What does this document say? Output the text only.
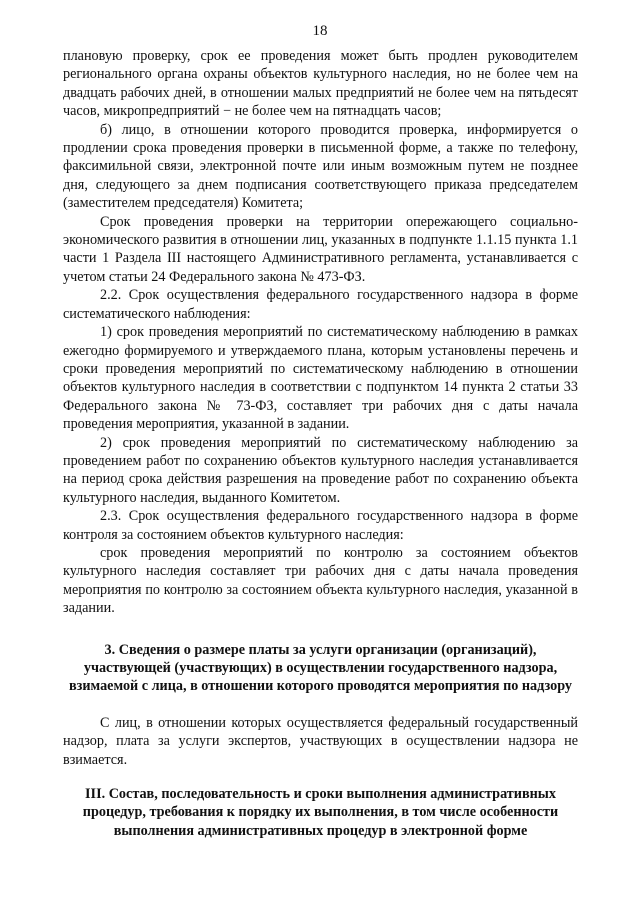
18

плановую проверку, срок ее проведения может быть продлен руководителем регионального органа охраны объектов культурного наследия, но не более чем на двадцать рабочих дней, в отношении малых предприятий не более чем на пятьдесят часов, микропредприятий − не более чем на пятнадцать часов;

б) лицо, в отношении которого проводится проверка, информируется о продлении срока проведения проверки в письменной форме, а также по телефону, факсимильной связи, электронной почте или иным возможным путем не позднее дня, следующего за днем подписания соответствующего приказа председателем (заместителем председателя) Комитета;

Срок проведения проверки на территории опережающего социально-экономического развития в отношении лиц, указанных в подпункте 1.1.15 пункта 1.1 части 1 Раздела III настоящего Административного регламента, устанавливается с учетом статьи 24 Федерального закона № 473-ФЗ.

2.2. Срок осуществления федерального государственного надзора в форме систематического наблюдения:

1) срок проведения мероприятий по систематическому наблюдению в рамках ежегодно формируемого и утверждаемого плана, которым установлены перечень и сроки проведения мероприятий по систематическому наблюдению в отношении объектов культурного наследия в соответствии с подпунктом 14 пункта 2 статьи 33 Федерального закона № 73-ФЗ, составляет три рабочих дня с даты начала проведения мероприятия, указанной в задании.

2) срок проведения мероприятий по систематическому наблюдению за проведением работ по сохранению объектов культурного наследия устанавливается на период срока действия разрешения на проведение работ по сохранению объекта культурного наследия, выданного Комитетом.

2.3. Срок осуществления федерального государственного надзора в форме контроля за состоянием объектов культурного наследия:

срок проведения мероприятий по контролю за состоянием объектов культурного наследия составляет три рабочих дня с даты начала проведения мероприятия по контролю за состоянием объекта культурного наследия, указанной в задании.

3. Сведения о размере платы за услуги организации (организаций), участвующей (участвующих) в осуществлении государственного надзора, взимаемой с лица, в отношении которого проводятся мероприятия по надзору

С лиц, в отношении которых осуществляется федеральный государственный надзор, плата за услуги экспертов, участвующих в осуществлении надзора не взимается.

III. Состав, последовательность и сроки выполнения административных процедур, требования к порядку их выполнения, в том числе особенности выполнения административных процедур в электронной форме
